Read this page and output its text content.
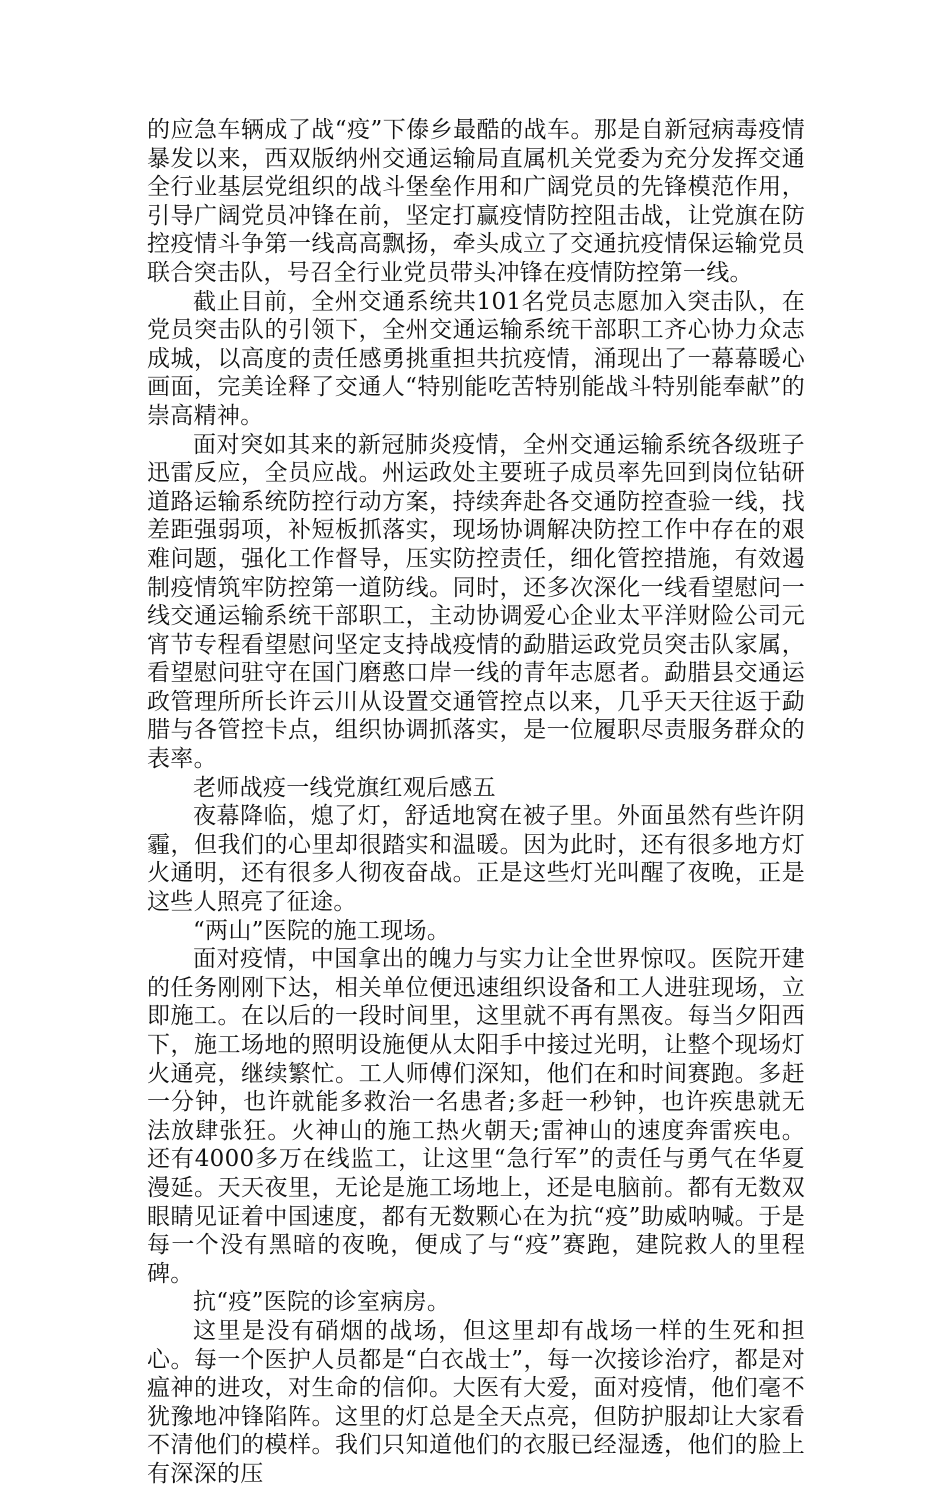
的应急车辆成了战“疫”下傣乡最酷的战车。那是自新冠病毒疫情暴发以来，西双版纳州交通运输局直属机关党委为充分发挥交通全行业基层党组织的战斗堡垒作用和广阔党员的先锋模范作用，引导广阔党员冲锋在前，坚定打赢疫情防控阻击战，让党旗在防控疫情斗争第一线高高飘扬，牵头成立了交通抗疫情保运输党员联合突击队，号召全行业党员带头冲锋在疫情防控第一线。

截止目前，全州交通系统共101名党员志愿加入突击队，在党员突击队的引领下，全州交通运输系统干部职工齐心协力众志成城，以高度的责任感勇挑重担共抗疫情，涌现出了一幕幕暖心画面，完美诠释了交通人“特别能吃苦特别能战斗特别能奉献”的崇高精神。

面对突如其来的新冠肺炎疫情，全州交通运输系统各级班子迅雷反应，全员应战。州运政处主要班子成员率先回到岗位钻研道路运输系统防控行动方案，持续奔赴各交通防控查验一线，找差距强弱项，补短板抓落实，现场协调解决防控工作中存在的艰难问题，强化工作督导，压实防控责任，细化管控措施，有效遏制疫情筑牢防控第一道防线。同时，还多次深化一线看望慰问一线交通运输系统干部职工，主动协调爱心企业太平洋财险公司元宵节专程看望慰问坚定支持战疫情的勐腊运政党员突击队家属，看望慰问驻守在国门磨憨口岸一线的青年志愿者。勐腊县交通运政管理所所长许云川从设置交通管控点以来，几乎天天往返于勐腊与各管控卡点，组织协调抓落实，是一位履职尽责服务群众的表率。

老师战疫一线党旗红观后感五

夜幕降临，熄了灯，舒适地窝在被子里。外面虽然有些许阴霾，但我们的心里却很踏实和温暖。因为此时，还有很多地方灯火通明，还有很多人彻夜奋战。正是这些灯光叫醒了夜晚，正是这些人照亮了征途。

“两山”医院的施工现场。

面对疫情，中国拿出的魄力与实力让全世界惊叹。医院开建的任务刚刚下达，相关单位便迅速组织设备和工人进驻现场，立即施工。在以后的一段时间里，这里就不再有黑夜。每当夕阳西下，施工场地的照明设施便从太阳手中接过光明，让整个现场灯火通亮，继续繁忙。工人师傅们深知，他们在和时间赛跑。多赶一分钟，也许就能多救治一名患者;多赶一秒钟，也许疾患就无法放肆张狂。火神山的施工热火朝天;雷神山的速度奔雷疾电。还有4000多万在线监工，让这里“急行军”的责任与勇气在华夏漫延。天天夜里，无论是施工场地上，还是电脑前。都有无数双眼睛见证着中国速度，都有无数颗心在为抗“疫”助威呐喊。于是每一个没有黑暗的夜晚，便成了与“疫”赛跑，建院救人的里程碑。

抗“疫”医院的诊室病房。

这里是没有硝烟的战场，但这里却有战场一样的生死和担心。每一个医护人员都是“白衣战士”，每一次接诊治疗，都是对瘟神的进攻，对生命的信仰。大医有大爱，面对疫情，他们毫不犹豫地冲锋陷阵。这里的灯总是全天点亮，但防护服却让大家看不清他们的模样。我们只知道他们的衣服已经湿透，他们的脸上有深深的压
